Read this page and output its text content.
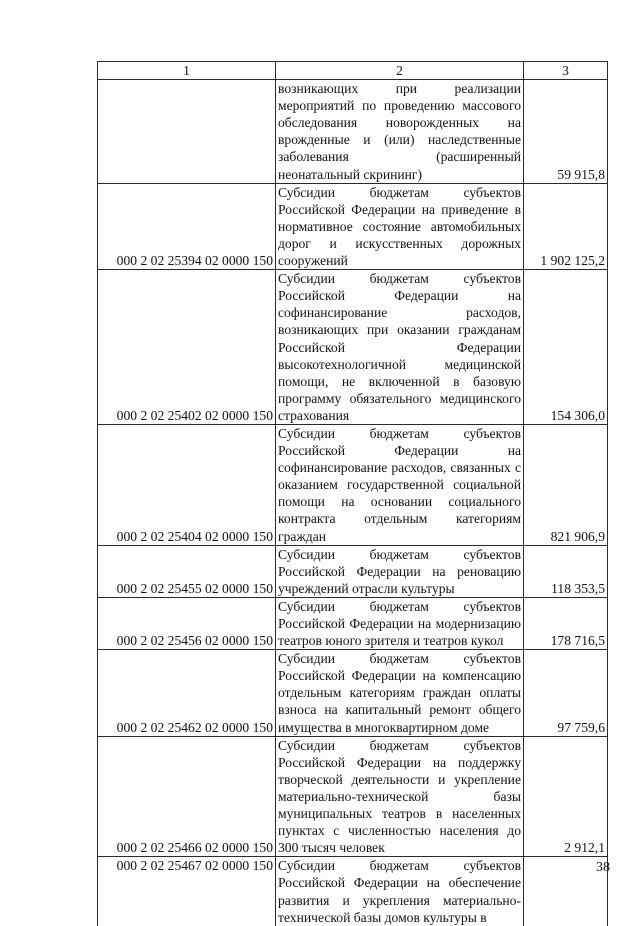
1	2	3
	возникающих при реализации мероприятий по проведению массового обследования новорожденных на врожденные и (или) наследственные заболевания (расширенный неонатальный скрининг)	59 915,8
000 2 02 25394 02 0000 150	Субсидии бюджетам субъектов Российской Федерации на приведение в нормативное состояние автомобильных дорог и искусственных дорожных сооружений	1 902 125,2
000 2 02 25402 02 0000 150	Субсидии бюджетам субъектов Российской Федерации на софинансирование расходов, возникающих при оказании гражданам Российской Федерации высокотехнологичной медицинской помощи, не включенной в базовую программу обязательного медицинского страхования	154 306,0
000 2 02 25404 02 0000 150	Субсидии бюджетам субъектов Российской Федерации на софинансирование расходов, связанных с оказанием государственной социальной помощи на основании социального контракта отдельным категориям граждан	821 906,9
000 2 02 25455 02 0000 150	Субсидии бюджетам субъектов Российской Федерации на реновацию учреждений отрасли культуры	118 353,5
000 2 02 25456 02 0000 150	Субсидии бюджетам субъектов Российской Федерации на модернизацию театров юного зрителя и театров кукол	178 716,5
000 2 02 25462 02 0000 150	Субсидии бюджетам субъектов Российской Федерации на компенсацию отдельным категориям граждан оплаты взноса на капитальный ремонт общего имущества в многоквартирном доме	97 759,6
000 2 02 25466 02 0000 150	Субсидии бюджетам субъектов Российской Федерации на поддержку творческой деятельности и укрепление материально-технической базы муниципальных театров в населенных пунктах с численностью населения до 300 тысяч человек	2 912,1
000 2 02 25467 02 0000 150	Субсидии бюджетам субъектов Российской Федерации на обеспечение развития и укрепления материально-технической базы домов культуры в	
38
